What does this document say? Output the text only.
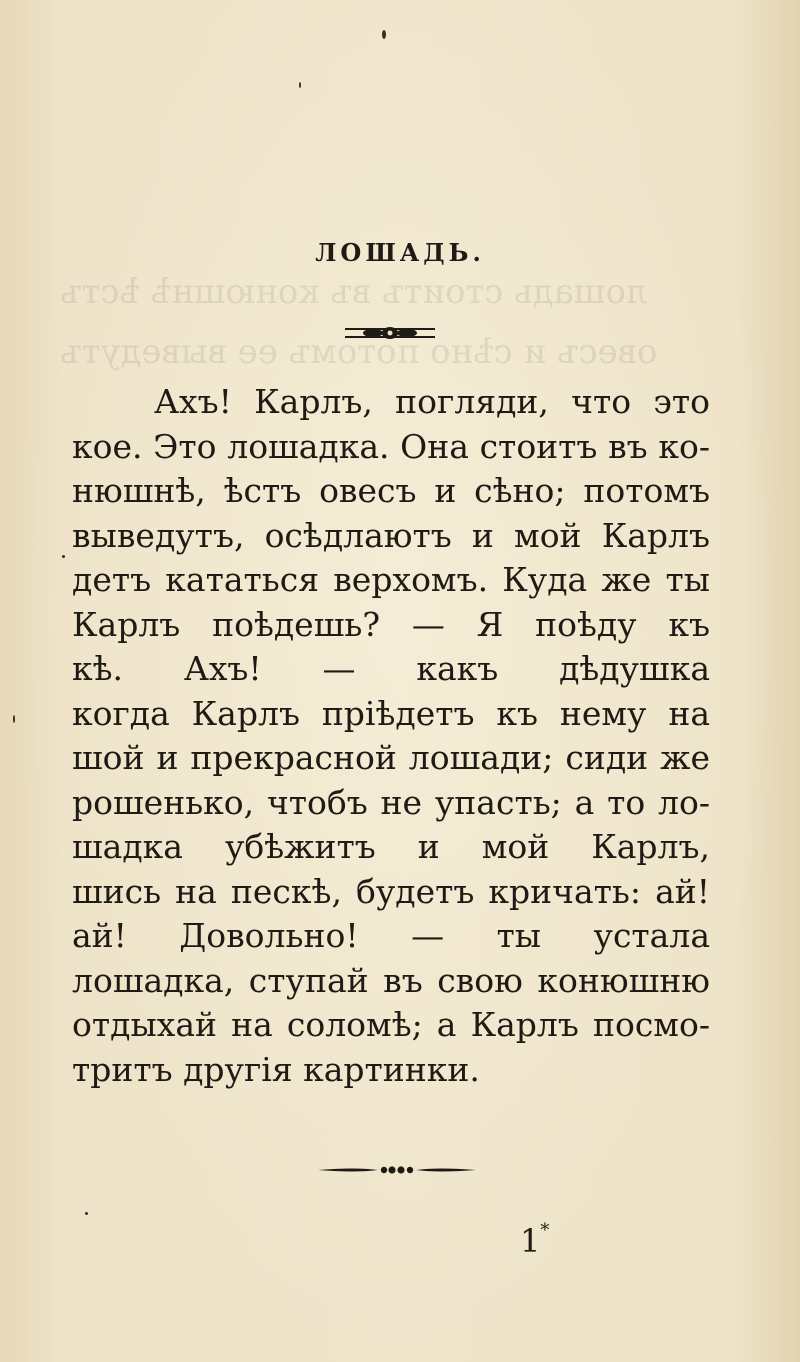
лошадь стоитъ въ конюшнѣ ѣстъ
овесъ и сѣно потомъ ее выведутъ
ЛОШАДЬ.
Ахъ! Карлъ, погляди, что это
кое. Это лошадка. Она стоитъ въ ко-
нюшнѣ, ѣстъ овесъ и сѣно; потомъ
выведутъ, осѣдлаютъ и мой Карлъ
детъ кататься верхомъ. Куда же ты
Карлъ поѣдешь? — Я поѣду къ
кѣ. Ахъ! — какъ дѣдушка
когда Карлъ пріѣдетъ къ нему на
шой и прекрасной лошади; сиди же
рошенько, чтобъ не упасть; а то ло-
шадка убѣжитъ и мой Карлъ,
шись на пескѣ, будетъ кричать: ай!
ай! Довольно! — ты устала
лошадка, ступай въ свою конюшню
отдыхай на соломѣ; а Карлъ посмо-
тритъ другія картинки.
1*
